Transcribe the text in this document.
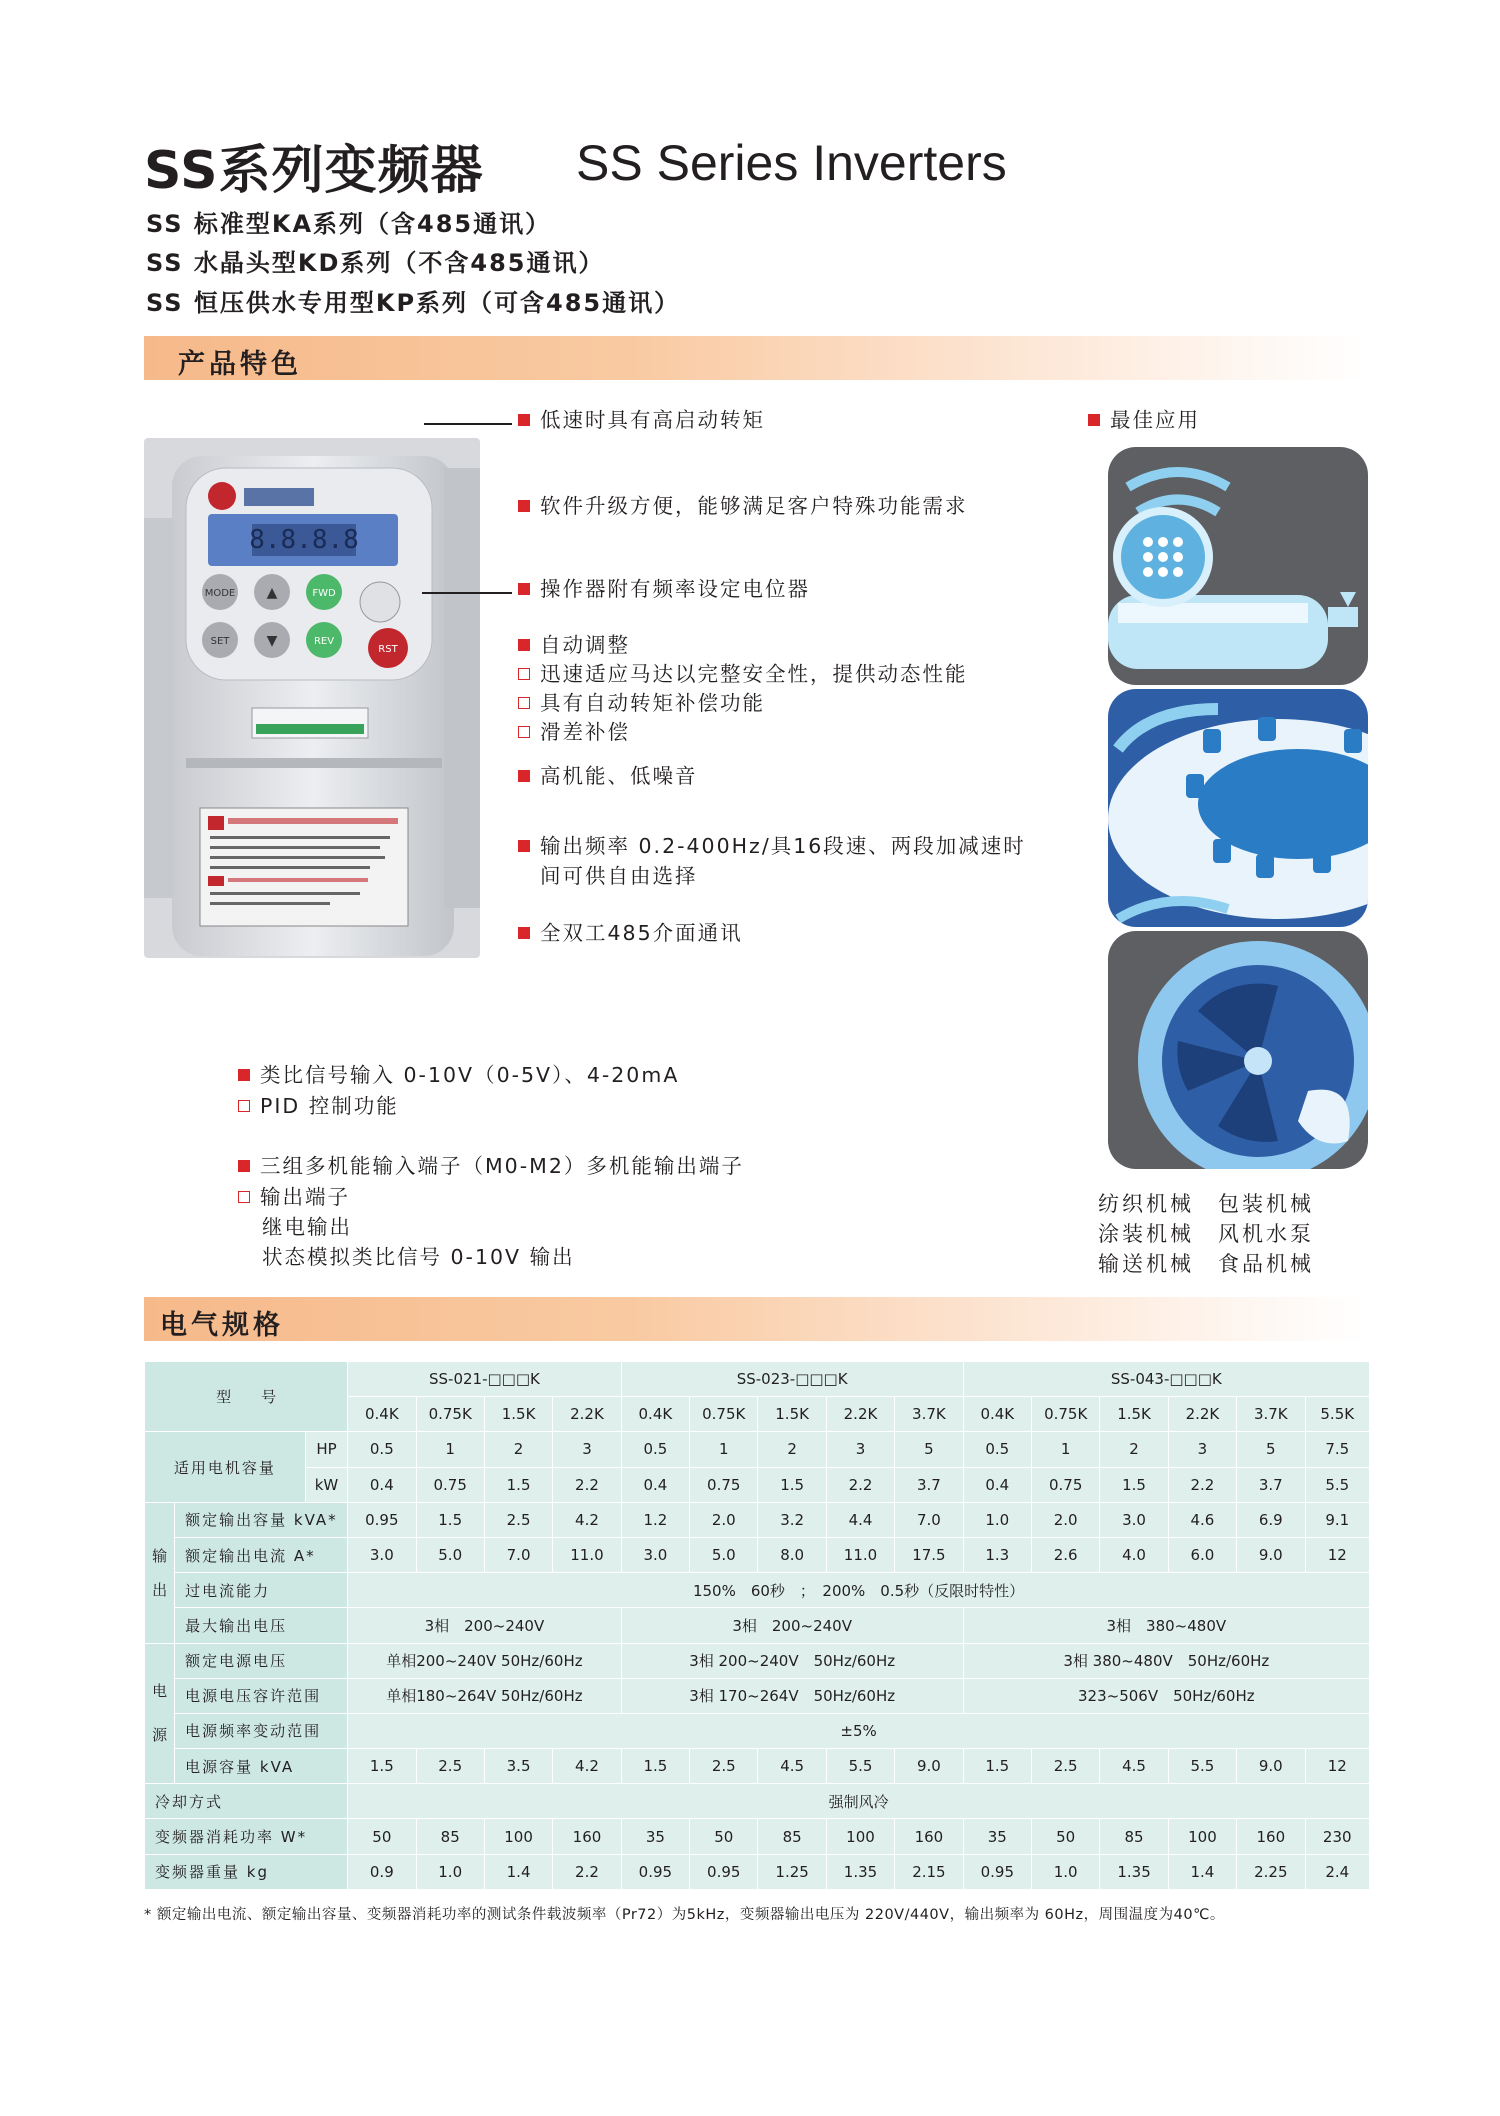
SS系列变频器 SS Series Inverters
SS 标准型KA系列（含485通讯）
SS 水晶头型KD系列（不含485通讯）
SS 恒压供水专用型KP系列（可含485通讯）
产品特色
8.8.8.8
MODE ▲	FWD
SET	▼	REV
RST
低速时具有高启动转矩
软件升级方便，能够满足客户特殊功能需求
操作器附有频率设定电位器
自动调整
迅速适应马达以完整安全性，提供动态性能
具有自动转矩补偿功能
滑差补偿
高机能、低噪音
输出频率 0.2-400Hz/具16段速、两段加减速时
间可供自由选择
全双工485介面通讯
类比信号输入 0-10V（0-5V）、4-20mA
PID 控制功能
三组多机能输入端子（M0-M2）多机能输出端子
输出端子
继电输出
状态模拟类比信号 0-10V 输出
最佳应用
纺织机械 包装机械
涂装机械 风机水泵
输送机械 食品机械
电气规格
型　　号			SS-021-□□□K				SS-023-□□□K					SS-043-□□□K					
			0.4K	0.75K	1.5K	2.2K	0.4K	0.75K	1.5K	2.2K	3.7K	0.4K	0.75K	1.5K	2.2K	3.7K	5.5K
适用电机容量		HP	0.5	1	2	3	0.5	1	2	3	5	0.5	1	2	3	5	7.5
		kW	0.4	0.75	1.5	2.2	0.4	0.75	1.5	2.2	3.7	0.4	0.75	1.5	2.2	3.7	5.5
输
出	额定输出容量 kVA*		0.95	1.5	2.5	4.2	1.2	2.0	3.2	4.4	7.0	1.0	2.0	3.0	4.6	6.9	9.1
	额定输出电流 A*		3.0	5.0	7.0	11.0	3.0	5.0	8.0	11.0	17.5	1.3	2.6	4.0	6.0	9.0	12
	过电流能力		150%　60秒　；　200%　0.5秒（反限时特性）														
	最大输出电压		3相　200~240V				3相　200~240V					3相　380~480V					
电

源	额定电源电压		单相200~240V 50Hz/60Hz				3相 200~240V　50Hz/60Hz					3相 380~480V　50Hz/60Hz					
	电源电压容许范围		单相180~264V 50Hz/60Hz				3相 170~264V　50Hz/60Hz					323~506V　50Hz/60Hz					
	电源频率变动范围		±5%														
	电源容量 kVA		1.5	2.5	3.5	4.2	1.5	2.5	4.5	5.5	9.0	1.5	2.5	4.5	5.5	9.0	12
冷却方式			强制风冷														
变频器消耗功率 W*			50	85	100	160	35	50	85	100	160	35	50	85	100	160	230
变频器重量 kg			0.9	1.0	1.4	2.2	0.95	0.95	1.25	1.35	2.15	0.95	1.0	1.35	1.4	2.25	2.4
* 额定输出电流、额定输出容量、变频器消耗功率的测试条件载波频率（Pr72）为5kHz，变频器输出电压为 220V/440V，输出频率为 60Hz，周围温度为40℃。
